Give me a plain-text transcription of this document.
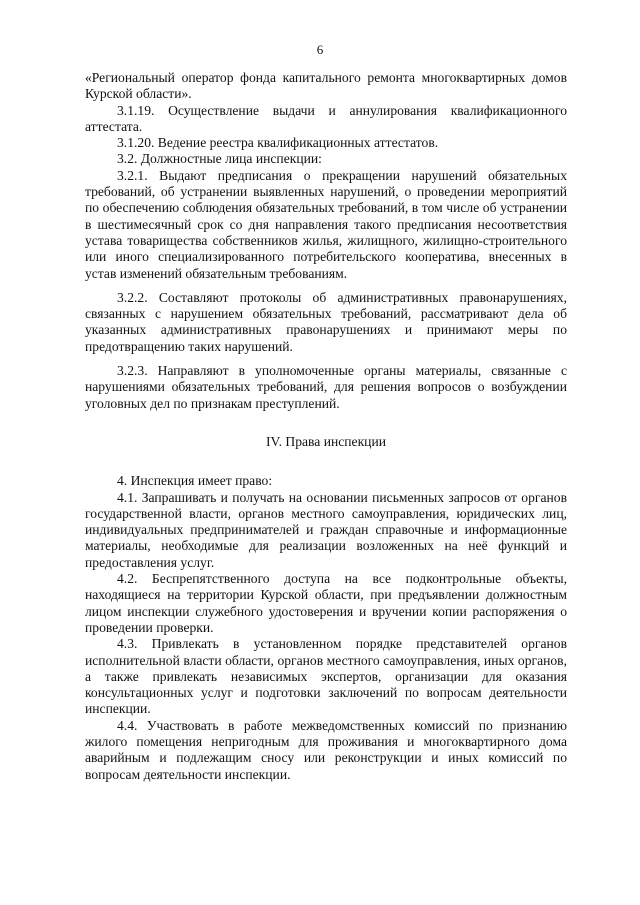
6

«Региональный оператор фонда капитального ремонта многоквартирных домов Курской области».

3.1.19. Осуществление выдачи и аннулирования квалификационного аттестата.

3.1.20. Ведение реестра квалификационных аттестатов.

3.2. Должностные лица инспекции:

3.2.1. Выдают предписания о прекращении нарушений обязательных требований, об устранении выявленных нарушений, о проведении мероприятий по обеспечению соблюдения обязательных требований, в том числе об устранении в шестимесячный срок со дня направления такого предписания несоответствия устава товарищества собственников жилья, жилищного, жилищно-строительного или иного специализированного потребительского кооператива, внесенных в устав изменений обязательным требованиям.

3.2.2. Составляют протоколы об административных правонарушениях, связанных с нарушением обязательных требований, рассматривают дела об указанных административных правонарушениях и принимают меры по предотвращению таких нарушений.

3.2.3. Направляют в уполномоченные органы материалы, связанные с нарушениями обязательных требований, для решения вопросов о возбуждении уголовных дел по признакам преступлений.

IV. Права инспекции

4. Инспекция имеет право:

4.1. Запрашивать и получать на основании письменных запросов от органов государственной власти, органов местного самоуправления, юридических лиц, индивидуальных предпринимателей и граждан справочные и информационные материалы, необходимые для реализации возложенных на неё функций и предоставления услуг.

4.2. Беспрепятственного доступа на все подконтрольные объекты, находящиеся на территории Курской области, при предъявлении должностным лицом инспекции служебного удостоверения и вручении копии распоряжения о проведении проверки.

4.3. Привлекать в установленном порядке представителей органов исполнительной власти области, органов местного самоуправления, иных органов, а также привлекать независимых экспертов, организации для оказания консультационных услуг и подготовки заключений по вопросам деятельности инспекции.

4.4. Участвовать в работе межведомственных комиссий по признанию жилого помещения непригодным для проживания и многоквартирного дома аварийным и подлежащим сносу или реконструкции и иных комиссий по вопросам деятельности инспекции.
